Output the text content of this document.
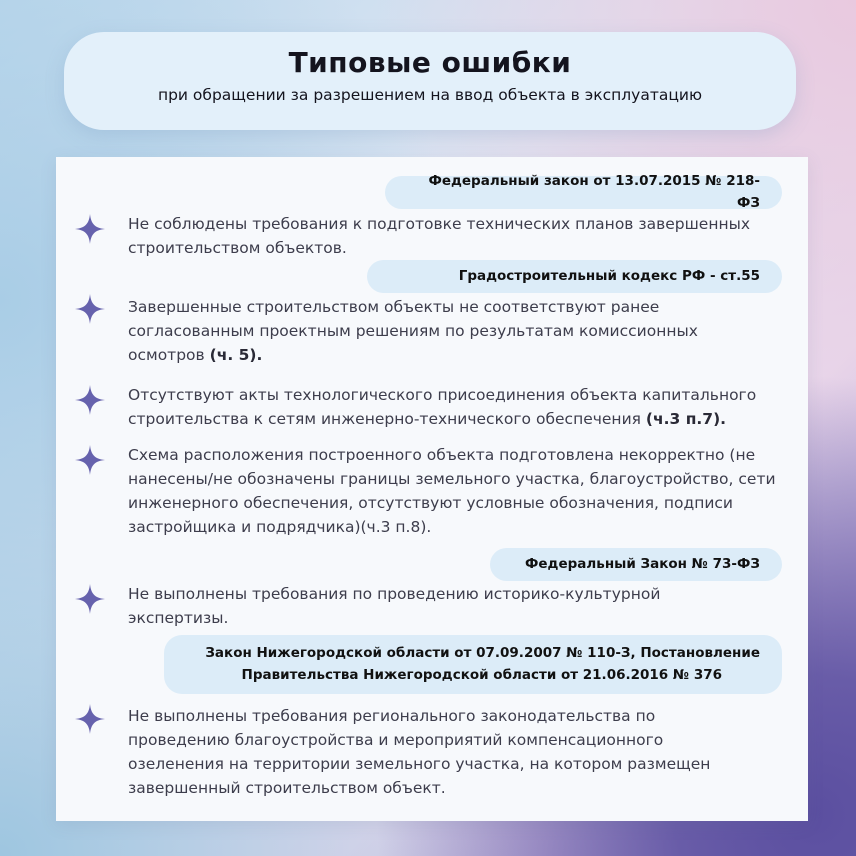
Типовые ошибки
при обращении за разрешением на ввод объекта в эксплуатацию
Федеральный закон от 13.07.2015 № 218-ФЗ
Не соблюдены требования к подготовке технических планов завершенных строительством объектов.
Градостроительный кодекс РФ - ст.55
Завершенные строительством объекты не соответствуют ранее согласованным проектным решениям по результатам комиссионных осмотров (ч. 5).
Отсутствуют акты технологического присоединения объекта капитального строительства к сетям инженерно-технического обеспечения (ч.3 п.7).
Схема расположения построенного объекта подготовлена некорректно (не нанесены/не обозначены границы земельного участка, благоустройство, сети инженерного обеспечения, отсутствуют условные обозначения, подписи застройщика и подрядчика)(ч.3 п.8).
Федеральный Закон № 73-ФЗ
Не выполнены требования по проведению историко-культурной экспертизы.
Закон Нижегородской области от 07.09.2007 № 110-З, Постановление
Правительства Нижегородской области от 21.06.2016 № 376
Не выполнены требования регионального законодательства по проведению благоустройства и мероприятий компенсационного озеленения на территории земельного участка, на котором размещен завершенный строительством объект.
